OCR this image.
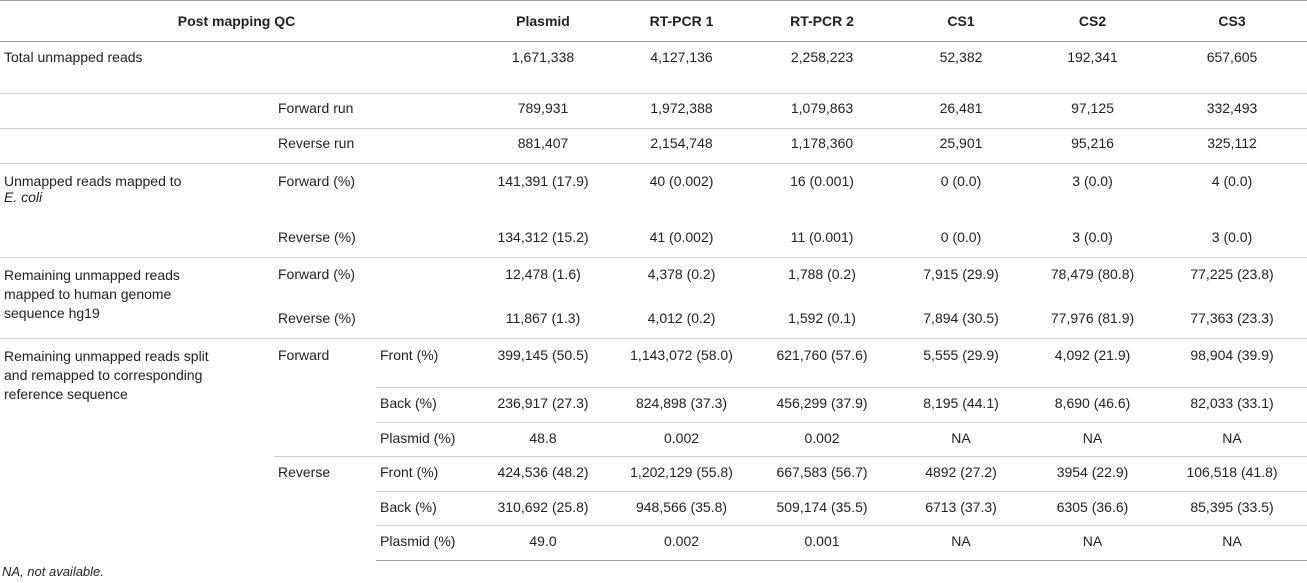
Post mapping QC			Plasmid	RT-PCR 1	RT-PCR 2	CS1	CS2	CS3
Total unmapped reads			1,671,338	4,127,136	2,258,223	52,382	192,341	657,605
	Forward run		789,931	1,972,388	1,079,863	26,481	97,125	332,493
	Reverse run		881,407	2,154,748	1,178,360	25,901	95,216	325,112
Unmapped reads mapped to
E. coli	Forward (%)		141,391 (17.9)	40 (0.002)	16 (0.001)	0 (0.0)	3 (0.0)	4 (0.0)
	Reverse (%)		134,312 (15.2)	41 (0.002)	11 (0.001)	0 (0.0)	3 (0.0)	3 (0.0)
Remaining unmapped reads
mapped to human genome
sequence hg19	Forward (%)		12,478 (1.6)	4,378 (0.2)	1,788 (0.2)	7,915 (29.9)	78,479 (80.8)	77,225 (23.8)
	Reverse (%)		11,867 (1.3)	4,012 (0.2)	1,592 (0.1)	7,894 (30.5)	77,976 (81.9)	77,363 (23.3)
Remaining unmapped reads split
and remapped to corresponding
reference sequence	Forward	Front (%)	399,145 (50.5)	1,143,072 (58.0)	621,760 (57.6)	5,555 (29.9)	4,092 (21.9)	98,904 (39.9)
		Back (%)	236,917 (27.3)	824,898 (37.3)	456,299 (37.9)	8,195 (44.1)	8,690 (46.6)	82,033 (33.1)
		Plasmid (%)	48.8	0.002	0.002	NA	NA	NA
	Reverse	Front (%)	424,536 (48.2)	1,202,129 (55.8)	667,583 (56.7)	4892 (27.2)	3954 (22.9)	106,518 (41.8)
		Back (%)	310,692 (25.8)	948,566 (35.8)	509,174 (35.5)	6713 (37.3)	6305 (36.6)	85,395 (33.5)
		Plasmid (%)	49.0	0.002	0.001	NA	NA	NA
NA, not available.
